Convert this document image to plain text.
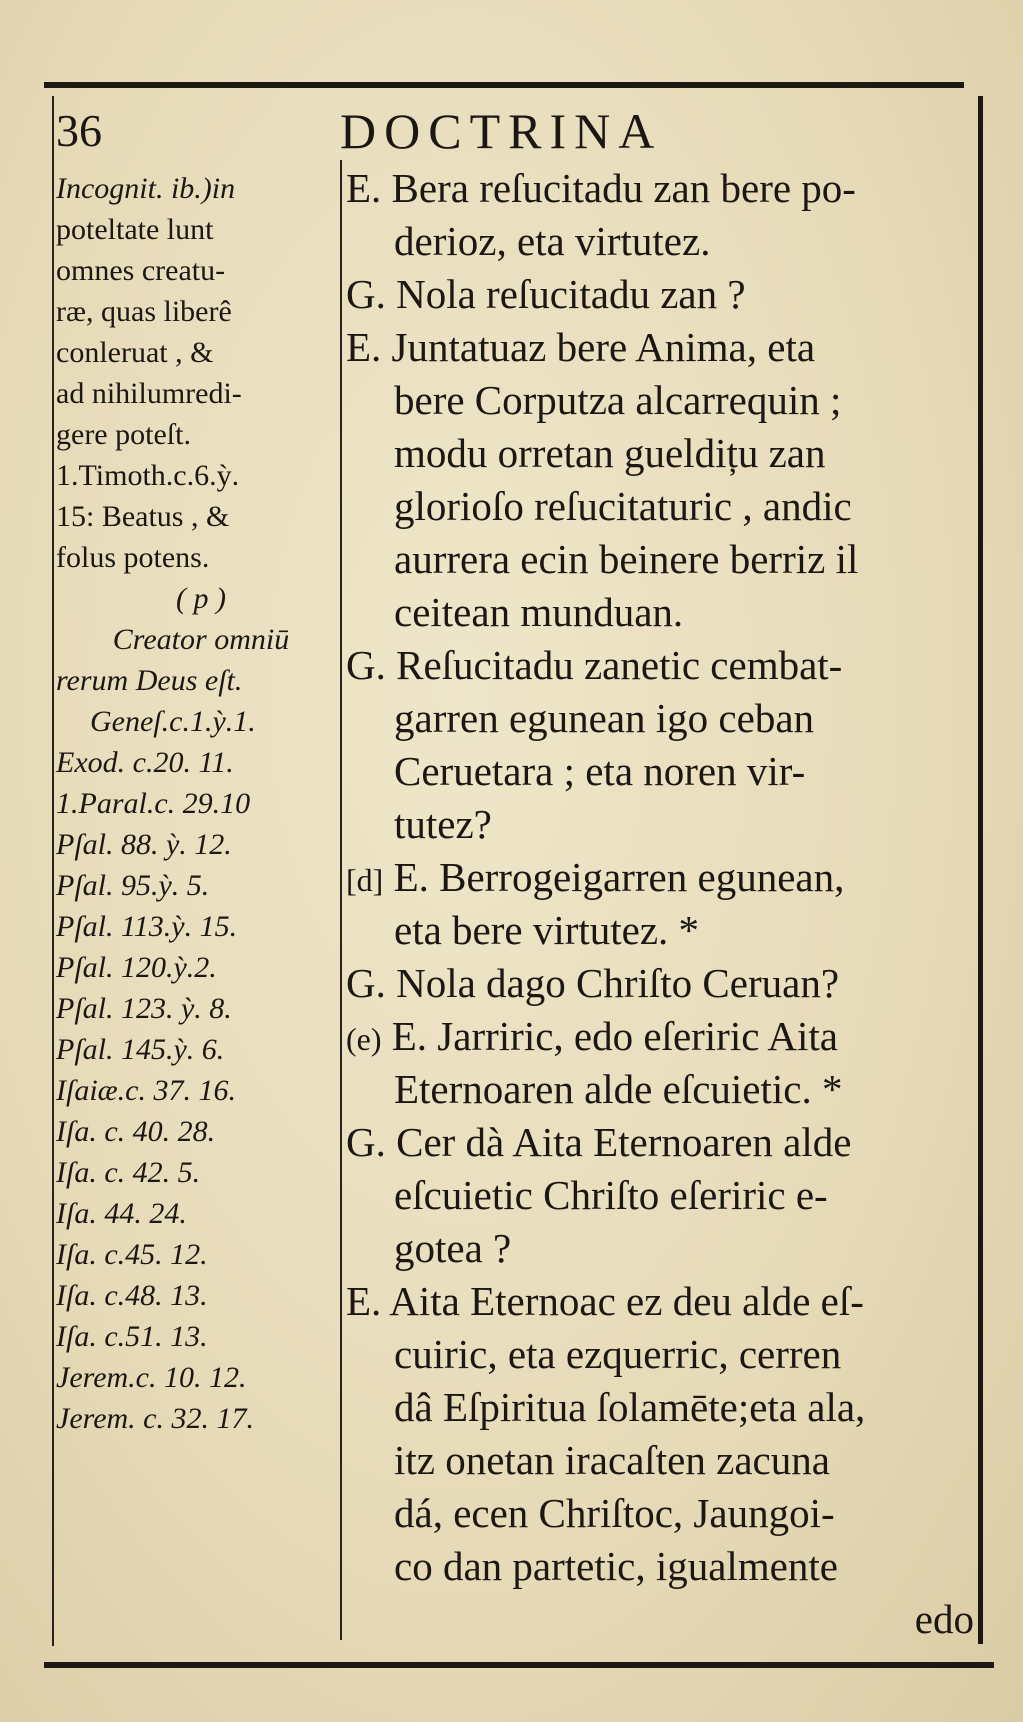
36	DOCTRINA
Incognit. ib.)in
poteltate lunt
omnes creatu-
ræ, quas liberê
conleruat , &
ad nihilumredi-
gere poteſt.
1.Timoth.c.6.ỳ.
15: Beatus , &
folus potens.
( p )
Creator omniū
rerum Deus eſt.
Geneſ.c.1.ỳ.1.
Exod. c.20. 11.
1.Paral.c. 29.10
Pſal. 88. ỳ. 12.
Pſal. 95.ỳ. 5.
Pſal. 113.ỳ. 15.
Pſal. 120.ỳ.2.
Pſal. 123. ỳ. 8.
Pſal. 145.ỳ. 6.
Iſaiæ.c. 37. 16.
Iſa. c. 40. 28.
Iſa. c. 42. 5.
Iſa. 44. 24.
Iſa. c.45. 12.
Iſa. c.48. 13.
Iſa. c.51. 13.
Jerem.c. 10. 12.
Jerem. c. 32. 17.
E. Bera reſucitadu zan bere po-
derioz, eta virtutez.
G. Nola reſucitadu zan ?
E. Juntatuaz bere Anima, eta
bere Corputza alcarrequin ;
modu orretan gueldițu zan
glorioſo reſucitaturic , andic
aurrera ecin beinere berriz il
ceitean munduan.
G. Reſucitadu zanetic cembat-
garren egunean igo ceban
Ceruetara ; eta noren vir-
tutez?
[d] E. Berrogeigarren egunean,
eta bere virtutez. *
G. Nola dago Chriſto Ceruan?
(e) E. Jarriric, edo eſeriric Aita
Eternoaren alde eſcuietic. *
G. Cer dà Aita Eternoaren alde
eſcuietic Chriſto eſeriric e-
gotea ?
E. Aita Eternoac ez deu alde eſ-
cuiric, eta ezquerric, cerren
dâ Eſpiritua ſolamēte;eta ala,
itz onetan iracaſten zacuna
dá, ecen Chriſtoc, Jaungoi-
co dan partetic, igualmente
edo
